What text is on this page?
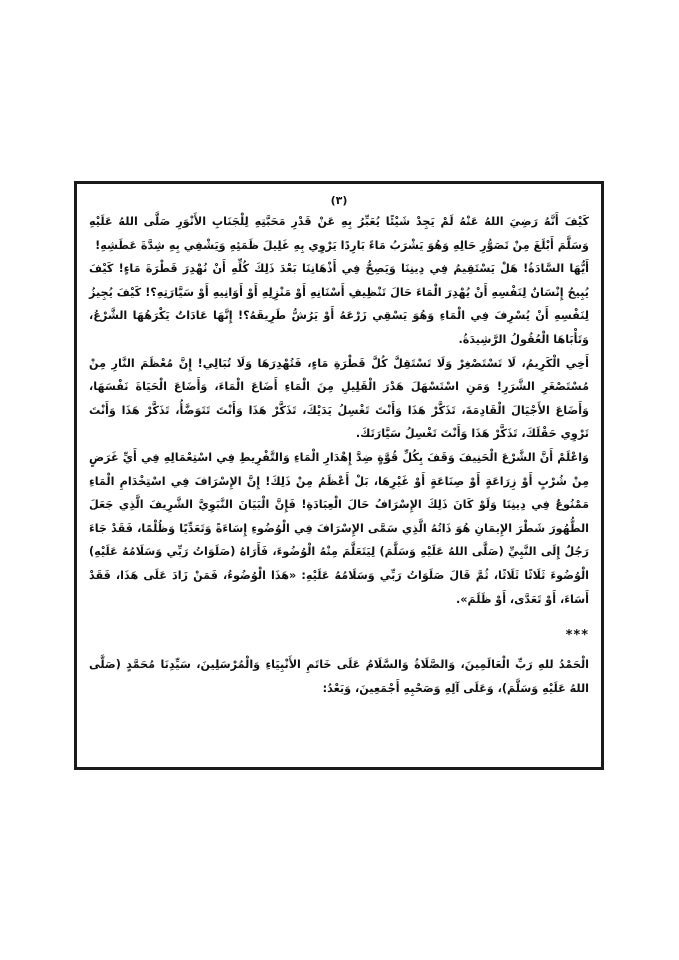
(٣)

كَيْفَ أَنَّهُ رَضِيَ اللهُ عَنْهُ لَمْ يَجِدْ شَيْئًا يُعَبِّرُ بِهِ عَنْ قَدْرِ مَحَبَّتِهِ لِلْجَنَابِ الأَنْوَرِ صَلَّى اللهُ عَلَيْهِ وَسَلَّمَ أَبْلَغَ مِنْ تَصَوُّرِ حَالِهِ وَهُوَ يَشْرَبُ مَاءً بَارِدًا يَرْوِي بِهِ غَلِيلَ ظَمَئِهِ وَيَشْفِي بِهِ شِدَّةَ عَطَشِهِ!

أَيُّهَا السَّادَةُ! هَلْ يَسْتَقِيمُ فِي دِينِنَا وَيَصِحُّ فِي أَذْهَانِنَا بَعْدَ ذَلِكَ كُلِّهِ أَنْ نُهْدِرَ قَطْرَةَ مَاءٍ! كَيْفَ يُبِيحُ إِنْسَانٌ لِنَفْسِهِ أَنْ يُهْدِرَ الْمَاءَ حَالَ تَنْظِيفِ أَسْنَانِهِ أَوْ مَنْزِلِهِ أَوْ أَوَانِيهِ أَوْ سَيَّارَتِهِ؟! كَيْفَ يُجِيزُ لِنَفْسِهِ أَنْ يُسْرِفَ فِي الْمَاءِ وَهُوَ يَسْقِي زَرْعَهُ أَوْ يَرُشُّ طَرِيقَهُ؟! إِنَّهَا عَادَاتٌ يَكْرَهُهَا الشَّرْعُ، وَتَأْبَاهَا الْعُقُولُ الرَّشِيدَةُ.

أَخِي الْكَرِيمُ، لَا تَسْتَصْغِرْ وَلَا تَسْتَقِلَّ كُلَّ قَطْرَةِ مَاءٍ، فَتُهْدِرَهَا وَلَا تُبَالِي! إِنَّ مُعْظَمَ النَّارِ مِنْ مُسْتَصْغَرِ الشَّرَرِ! وَمَنِ اسْتَسْهَلَ هَدْرَ الْقَلِيلِ مِنَ الْمَاءِ أَضَاعَ الْمَاءَ، وَأَضَاعَ الْحَيَاةَ نَفْسَهَا، وَأَضَاعَ الأَجْيَالَ الْقَادِمَةَ، تَذَكَّرْ هَذَا وَأَنْتَ تَغْسِلُ يَدَيْكَ، تَذَكَّرْ هَذَا وَأَنْتَ تَتَوَضَّأُ، تَذَكَّرْ هَذَا وَأَنْتَ تَرْوِي حَقْلَكَ، تَذَكَّرْ هَذَا وَأَنْتَ تَغْسِلُ سَيَّارَتَكَ.

وَاعْلَمْ أَنَّ الشَّرْعَ الْحَنِيفَ وَقَفَ بِكُلِّ قُوَّةٍ ضِدَّ إِهْدَارِ الْمَاءِ وَالتَّفْرِيطِ فِي اسْتِعْمَالِهِ فِي أَيِّ غَرَضٍ مِنْ شُرْبٍ أَوْ زِرَاعَةٍ أَوْ صِنَاعَةٍ أَوْ غَيْرِهَا، بَلْ أَعْظَمُ مِنْ ذَلِكَ! إِنَّ الإِسْرَافَ فِي اسْتِخْدَامِ الْمَاءِ مَمْنُوعٌ فِي دِينِنَا وَلَوْ كَانَ ذَلِكَ الإِسْرَافُ حَالَ الْعِبَادَةِ! فَإِنَّ الْبَيَانَ النَّبَوِيَّ الشَّرِيفَ الَّذِي جَعَلَ الطُّهُورَ شَطْرَ الإِيمَانِ هُوَ ذَاتُهُ الَّذِي سَمَّى الإِسْرَافَ فِي الْوُضُوءِ إِسَاءَةً وَتَعَدِّيًا وَظُلْمًا، فَقَدْ جَاءَ رَجُلٌ إِلَى النَّبِيِّ (صَلَّى اللهُ عَلَيْهِ وَسَلَّمَ) لِيَتَعَلَّمَ مِنْهُ الْوُضُوءَ، فَأَرَاهُ (صَلَوَاتُ رَبِّي وَسَلَامُهُ عَلَيْهِ) الْوُضُوءَ ثَلَاثًا ثَلَاثًا، ثُمَّ قَالَ صَلَوَاتُ رَبِّي وَسَلَامُهُ عَلَيْهِ: «هَذَا الْوُضُوءُ، فَمَنْ زَادَ عَلَى هَذَا، فَقَدْ أَسَاءَ، أَوْ تَعَدَّى، أَوْ ظَلَمَ».

***

الْحَمْدُ للهِ رَبِّ الْعَالَمِينَ، وَالصَّلَاةُ وَالسَّلَامُ عَلَى خَاتَمِ الأَنْبِيَاءِ وَالْمُرْسَلِينَ، سَيِّدِنَا مُحَمَّدٍ (صَلَّى اللهُ عَلَيْهِ وَسَلَّمَ)، وَعَلَى آلِهِ وَصَحْبِهِ أَجْمَعِينَ، وَبَعْدُ:
